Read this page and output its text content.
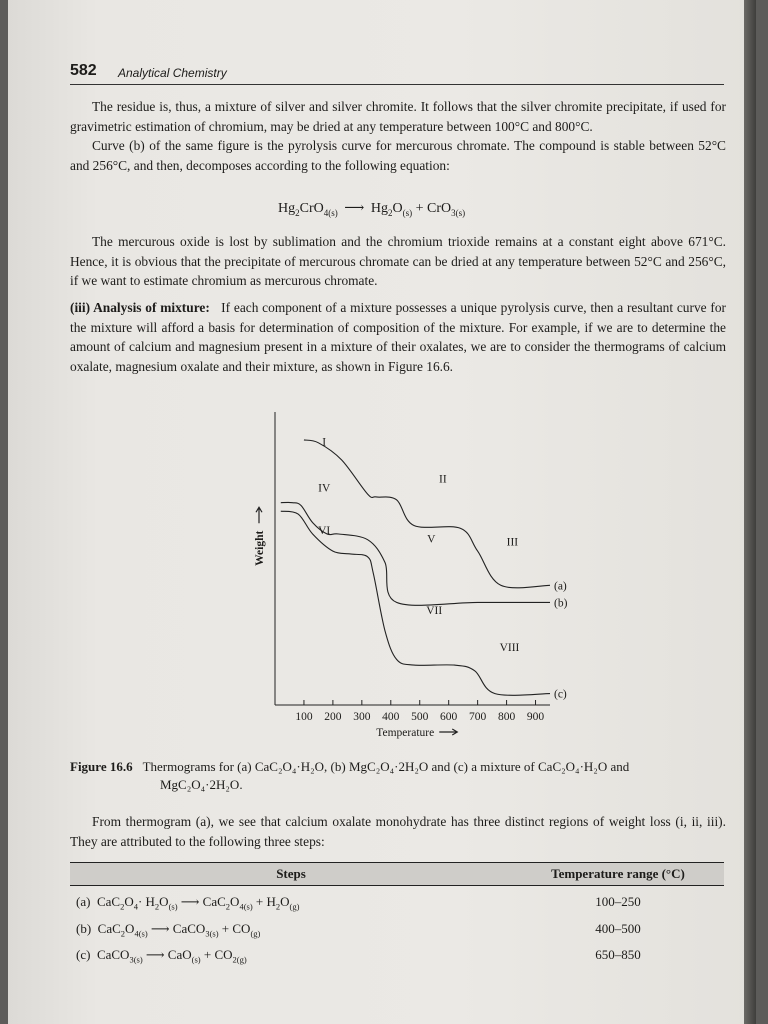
582 Analytical Chemistry

The residue is, thus, a mixture of silver and silver chromite. It follows that the silver chromite precipitate, if used for gravimetric estimation of chromium, may be dried at any temperature between 100°C and 800°C.

Curve (b) of the same figure is the pyrolysis curve for mercurous chromate. The compound is stable between 52°C and 256°C, and then, decomposes according to the following equation:

$Hg_2CrO_{4(s)}$ ⟶ $Hg_2O_{(s)} + CrO_{3(s)}$

The mercurous oxide is lost by sublimation and the chromium trioxide remains at a constant eight above 671°C. Hence, it is obvious that the precipitate of mercurous chromate can be dried at any temperature between 52°C and 256°C, if we want to estimate chromium as mercurous chromate.

(iii) Analysis of mixture: If each component of a mixture possesses a unique pyrolysis curve, then a resultant curve for the mixture will afford a basis for determination of composition of the mixture. For example, if we are to determine the amount of calcium and magnesium present in a mixture of their oxalates, we are to consider the thermograms of calcium oxalate, magnesium oxalate and their mixture, as shown in Figure 16.6.

100 200 300 400 500 600 700 800 900
Temperature
Weight
(a)
(b)
(c)
I
II
III
IV
V
VI
VII
VIII
Figure 16.6 Thermograms for (a) CaC₂O₄·H₂O, (b) MgC₂O₄·2H₂O and (c) a mixture of CaC₂O₄·H₂O and
MgC₂O₄·2H₂O.

From thermogram (a), we see that calcium oxalate monohydrate has three distinct regions of weight loss (i, ii, iii). They are attributed to the following three steps:

Steps	Temperature range (°C)
(a)  $CaC_2O_4\cdot H_2O_{(s)}$ ⟶ $CaC_2O_{4(s)} + H_2O_{(g)}$	100–250
(b)  $CaC_2O_{4(s)}$ ⟶ CaCO$_{3(s)}$ + $CO_{(g)}$	400–500
(c)  CaCO$_{3(s)}$ ⟶ $CaO_{(s)} + CO_{2(g)}$	650–850
